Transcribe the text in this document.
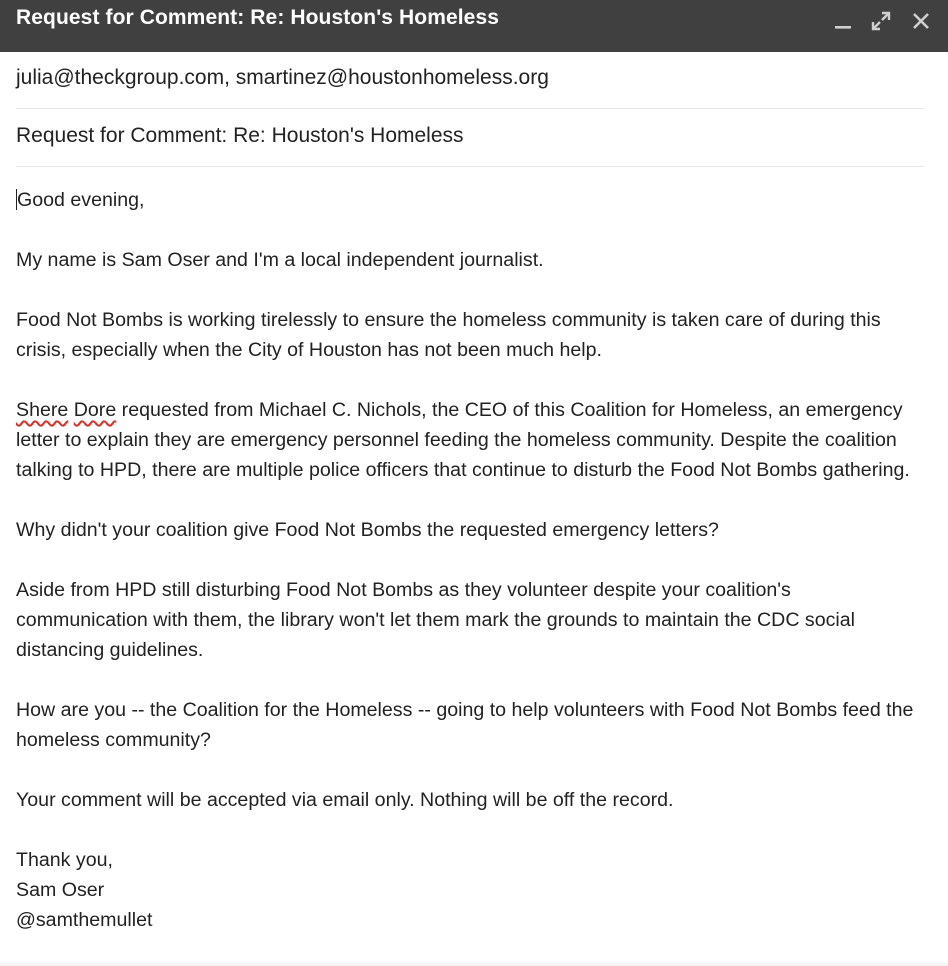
Request for Comment: Re: Houston's Homeless
julia@theckgroup.com, smartinez@houstonhomeless.org
Request for Comment: Re: Houston's Homeless

Good evening,

My name is Sam Oser and I'm a local independent journalist.

Food Not Bombs is working tirelessly to ensure the homeless community is taken care of during this crisis, especially when the City of Houston has not been much help.

Shere Dore requested from Michael C. Nichols, the CEO of this Coalition for Homeless, an emergency letter to explain they are emergency personnel feeding the homeless community. Despite the coalition talking to HPD, there are multiple police officers that continue to disturb the Food Not Bombs gathering.

Why didn't your coalition give Food Not Bombs the requested emergency letters?

Aside from HPD still disturbing Food Not Bombs as they volunteer despite your coalition's communication with them, the library won't let them mark the grounds to maintain the CDC social distancing guidelines.

How are you -- the Coalition for the Homeless -- going to help volunteers with Food Not Bombs feed the homeless community?

Your comment will be accepted via email only. Nothing will be off the record.

Thank you,

Sam Oser

@samthemullet
